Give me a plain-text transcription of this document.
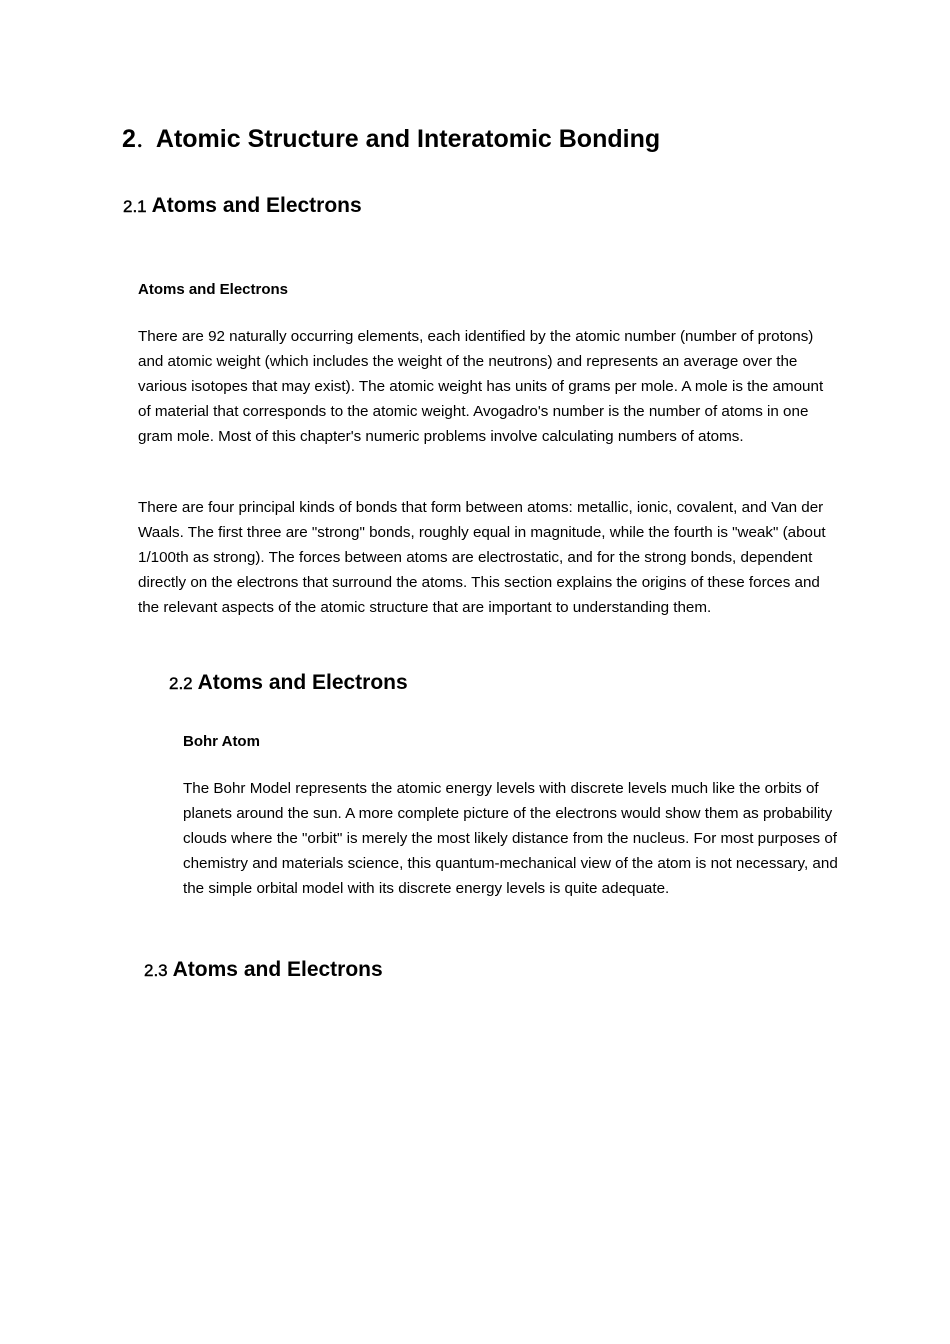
2．Atomic Structure and Interatomic Bonding
2.1 Atoms and Electrons
Atoms and Electrons

There are 92 naturally occurring elements, each identified by the atomic number (number of protons) and atomic weight (which includes the weight of the neutrons) and represents an average over the various isotopes that may exist). The atomic weight has units of grams per mole. A mole is the amount of material that corresponds to the atomic weight. Avogadro's number is the number of atoms in one gram mole. Most of this chapter's numeric problems involve calculating numbers of atoms.

There are four principal kinds of bonds that form between atoms: metallic, ionic, covalent, and Van der Waals. The first three are "strong" bonds, roughly equal in magnitude, while the fourth is "weak" (about 1/100th as strong). The forces between atoms are electrostatic, and for the strong bonds, dependent directly on the electrons that surround the atoms. This section explains the origins of these forces and the relevant aspects of the atomic structure that are important to understanding them.

2.2 Atoms and Electrons
Bohr Atom

The Bohr Model represents the atomic energy levels with discrete levels much like the orbits of planets around the sun. A more complete picture of the electrons would show them as probability clouds where the "orbit" is merely the most likely distance from the nucleus. For most purposes of chemistry and materials science, this quantum-mechanical view of the atom is not necessary, and the simple orbital model with its discrete energy levels is quite adequate.

2.3 Atoms and Electrons
